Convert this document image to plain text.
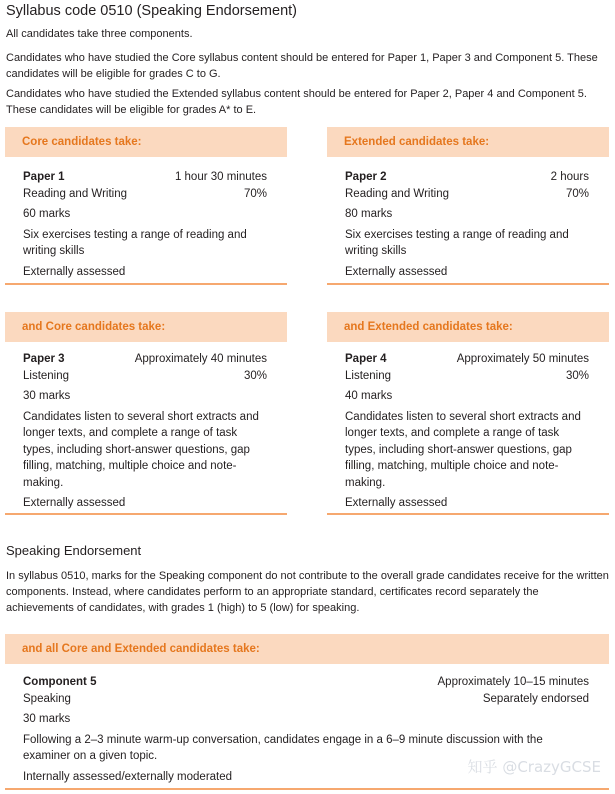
Syllabus code 0510 (Speaking Endorsement)
All candidates take three components.
Candidates who have studied the Core syllabus content should be entered for Paper 1, Paper 3 and Component 5. These candidates will be eligible for grades C to G.
Candidates who have studied the Extended syllabus content should be entered for Paper 2, Paper 4 and Component 5. These candidates will be eligible for grades A* to E.
Core candidates take:
Paper 1	1 hour 30 minutes
Reading and Writing	70%
60 marks
Six exercises testing a range of reading and writing skills
Externally assessed
Extended candidates take:
Paper 2	2 hours
Reading and Writing	70%
80 marks
Six exercises testing a range of reading and writing skills
Externally assessed
and Core candidates take:
Paper 3	Approximately 40 minutes
Listening	30%
30 marks
Candidates listen to several short extracts and longer texts, and complete a range of task types, including short-answer questions, gap filling, matching, multiple choice and note-making.
Externally assessed
and Extended candidates take:
Paper 4	Approximately 50 minutes
Listening	30%
40 marks
Candidates listen to several short extracts and longer texts, and complete a range of task types, including short-answer questions, gap filling, matching, multiple choice and note-making.
Externally assessed
Speaking Endorsement
In syllabus 0510, marks for the Speaking component do not contribute to the overall grade candidates receive for the written components. Instead, where candidates perform to an appropriate standard, certificates record separately the achievements of candidates, with grades 1 (high) to 5 (low) for speaking.
and all Core and Extended candidates take:
Component 5	Approximately 10–15 minutes
Speaking	Separately endorsed
30 marks
Following a 2–3 minute warm-up conversation, candidates engage in a 6–9 minute discussion with the examiner on a given topic.
Internally assessed/externally moderated
知乎 @CrazyGCSE
